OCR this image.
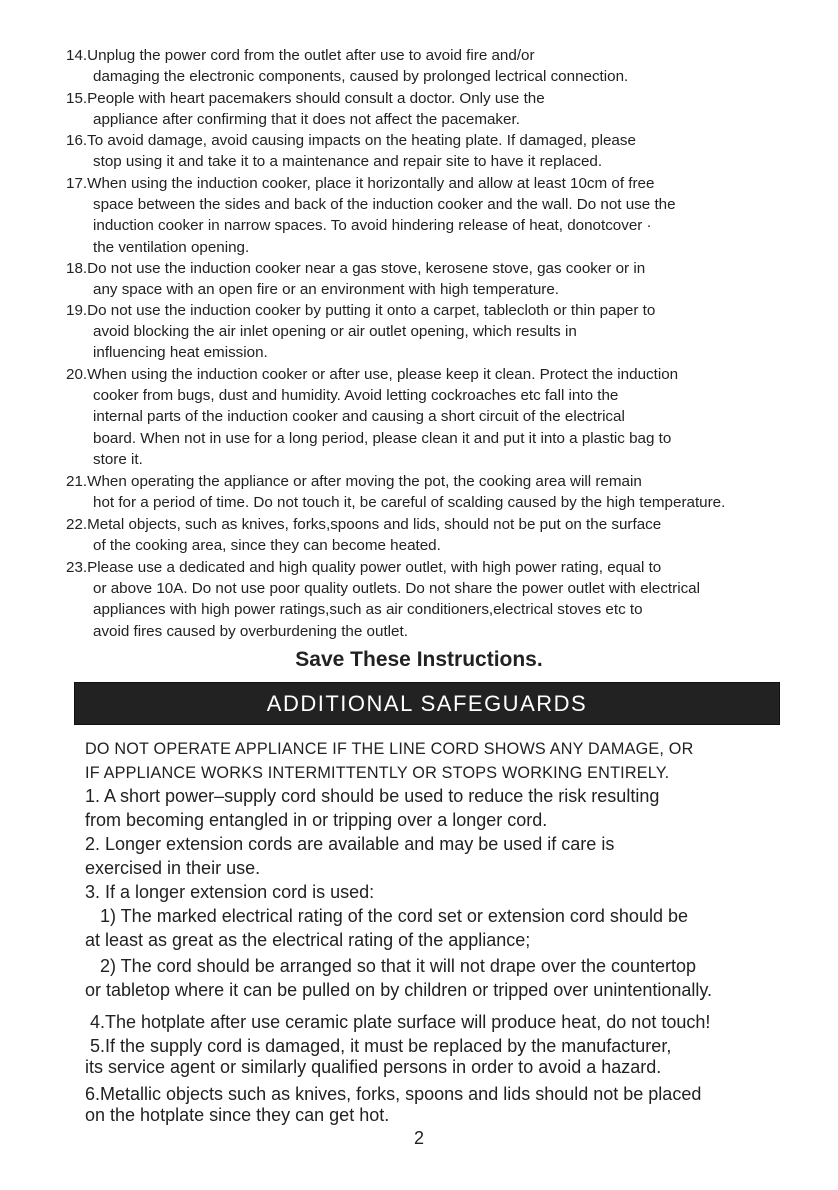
14.Unplug the power cord from the outlet after use to avoid fire and/or
damaging the electronic components, caused by prolonged lectrical connection.
15.People with heart pacemakers should consult a doctor. Only use the
appliance after confirming that it does not affect the pacemaker.
16.To avoid damage, avoid causing impacts on the heating plate. If damaged, please
stop using it and take it to a maintenance and repair site to have it replaced.
17.When using the induction cooker, place it horizontally and allow at least 10cm of free
space between the sides and back of the induction cooker and the wall. Do not use the
induction cooker in narrow spaces. To avoid hindering release of heat, donotcover ·
the ventilation opening.
18.Do not use the induction cooker near a gas stove, kerosene stove, gas cooker or in
any space with an open fire or an environment with high temperature.
19.Do not use the induction cooker by putting it onto a carpet, tablecloth or thin paper to
avoid blocking the air inlet opening or air outlet opening, which results in
influencing heat emission.
20.When using the induction cooker or after use, please keep it clean. Protect the induction
cooker from bugs, dust and humidity. Avoid letting cockroaches etc fall into the
internal parts of the induction cooker and causing a short circuit of the electrical
board. When not in use for a long period, please clean it and put it into a plastic bag to
store it.
21.When operating the appliance or after moving the pot, the cooking area will remain
hot for a period of time. Do not touch it, be careful of scalding caused by the high temperature.
22.Metal objects, such as knives, forks,spoons and lids, should not be put on the surface
of the cooking area, since they can become heated.
23.Please use a dedicated and high quality power outlet, with high power rating, equal to
or above 10A. Do not use poor quality outlets. Do not share the power outlet with electrical
appliances with high power ratings,such as air conditioners,electrical stoves etc to
avoid fires caused by overburdening the outlet.
Save These Instructions.
ADDITIONAL SAFEGUARDS
DO NOT OPERATE APPLIANCE IF THE LINE CORD SHOWS ANY DAMAGE, OR
IF APPLIANCE WORKS INTERMITTENTLY OR STOPS WORKING ENTIRELY.
1. A short power–supply cord should be used to reduce the risk resulting
from becoming entangled in or tripping over a longer cord.
2. Longer extension cords are available and may be used if care is
exercised in their use.
3. If a longer extension cord is used:
1) The marked electrical rating of the cord set or extension cord should be
at least as great as the electrical rating of the appliance;
2) The cord should be arranged so that it will not drape over the countertop
or tabletop where it can be pulled on by children or tripped over unintentionally.
4.The hotplate after use ceramic plate surface will produce heat, do not touch!
5.If the supply cord is damaged, it must be replaced by the manufacturer,
its service agent or similarly qualified persons in order to avoid a hazard.
6.Metallic objects such as knives, forks, spoons and lids should not be placed
on the hotplate since they can get hot.
2
